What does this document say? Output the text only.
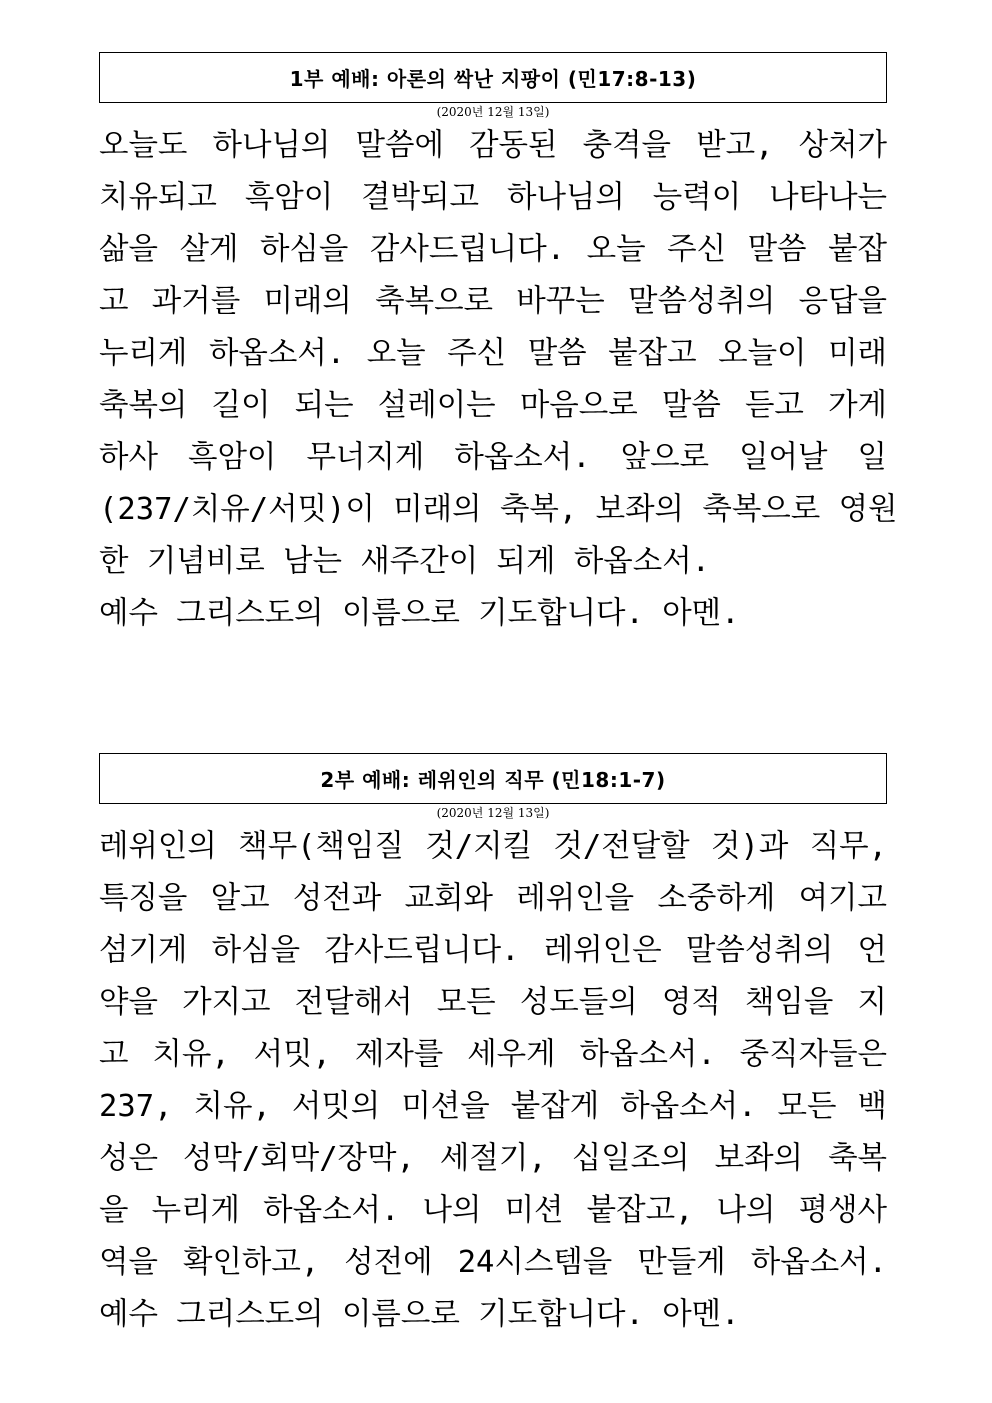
1부 예배: 아론의 싹난 지팡이 (민17:8-13)
(2020년 12월 13일)
오늘도 하나님의 말씀에 감동된 충격을 받고, 상처가
치유되고 흑암이 결박되고 하나님의 능력이 나타나는
삶을 살게 하심을 감사드립니다. 오늘 주신 말씀 붙잡
고 과거를 미래의 축복으로 바꾸는 말씀성취의 응답을
누리게 하옵소서. 오늘 주신 말씀 붙잡고 오늘이 미래
축복의 길이 되는 설레이는 마음으로 말씀 듣고 가게
하사 흑암이 무너지게 하옵소서. 앞으로 일어날 일
(237/치유/서밋)이 미래의 축복, 보좌의 축복으로 영원
한 기념비로 남는 새주간이 되게 하옵소서.
예수 그리스도의 이름으로 기도합니다. 아멘.
2부 예배: 레위인의 직무 (민18:1-7)
(2020년 12월 13일)
레위인의 책무(책임질 것/지킬 것/전달할 것)과 직무,
특징을 알고 성전과 교회와 레위인을 소중하게 여기고
섬기게 하심을 감사드립니다. 레위인은 말씀성취의 언
약을 가지고 전달해서 모든 성도들의 영적 책임을 지
고 치유, 서밋, 제자를 세우게 하옵소서. 중직자들은
237, 치유, 서밋의 미션을 붙잡게 하옵소서. 모든 백
성은 성막/회막/장막, 세절기, 십일조의 보좌의 축복
을 누리게 하옵소서. 나의 미션 붙잡고, 나의 평생사
역을 확인하고, 성전에 24시스템을 만들게 하옵소서.
예수 그리스도의 이름으로 기도합니다. 아멘.
